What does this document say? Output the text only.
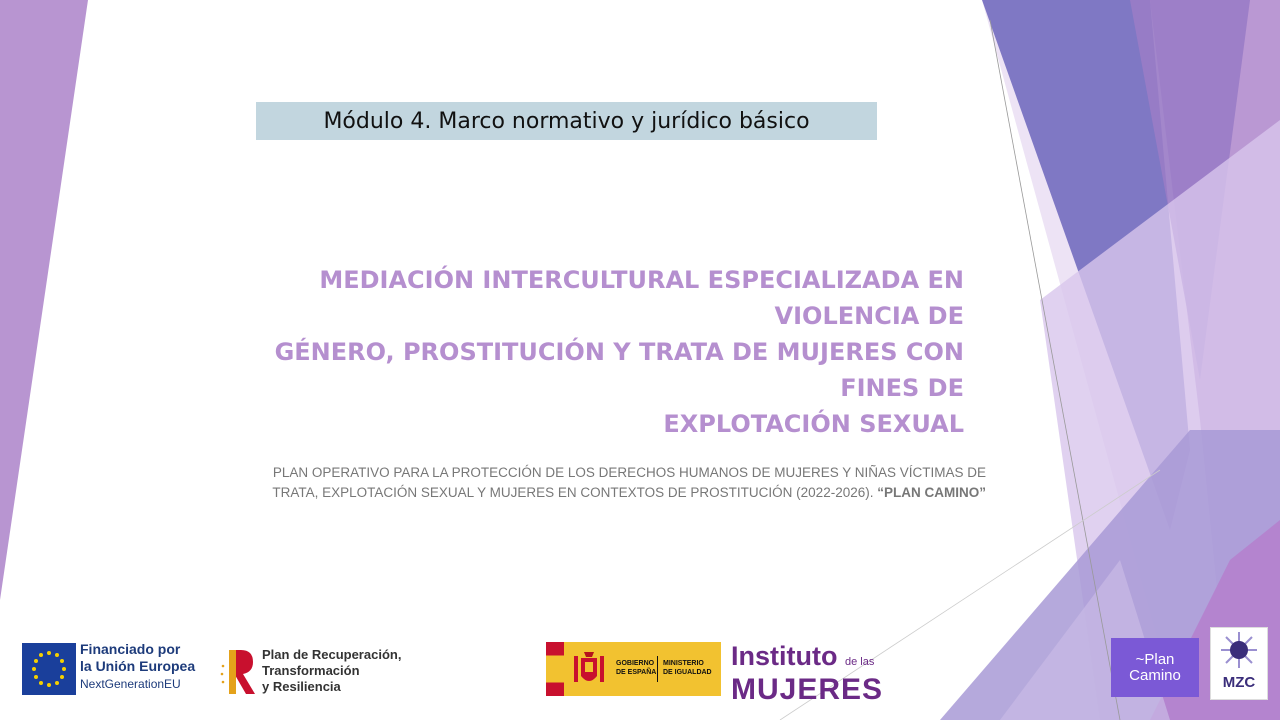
Módulo 4. Marco normativo y jurídico básico
MEDIACIÓN INTERCULTURAL ESPECIALIZADA EN VIOLENCIA DE
GÉNERO, PROSTITUCIÓN Y TRATA DE MUJERES CON FINES DE
EXPLOTACIÓN SEXUAL
PLAN OPERATIVO PARA LA PROTECCIÓN DE LOS DERECHOS HUMANOS DE MUJERES Y NIÑAS VÍCTIMAS DE
TRATA, EXPLOTACIÓN SEXUAL Y MUJERES EN CONTEXTOS DE PROSTITUCIÓN (2022-2026). “PLAN CAMINO”
Financiado por
la Unión Europea
NextGenerationEU
Plan de Recuperación,
Transformación
y Resiliencia
GOBIERNO
DE ESPAÑA
MINISTERIO
DE IGUALDAD
Instituto de las
MUJERES
~Plan
Camino	MZC
